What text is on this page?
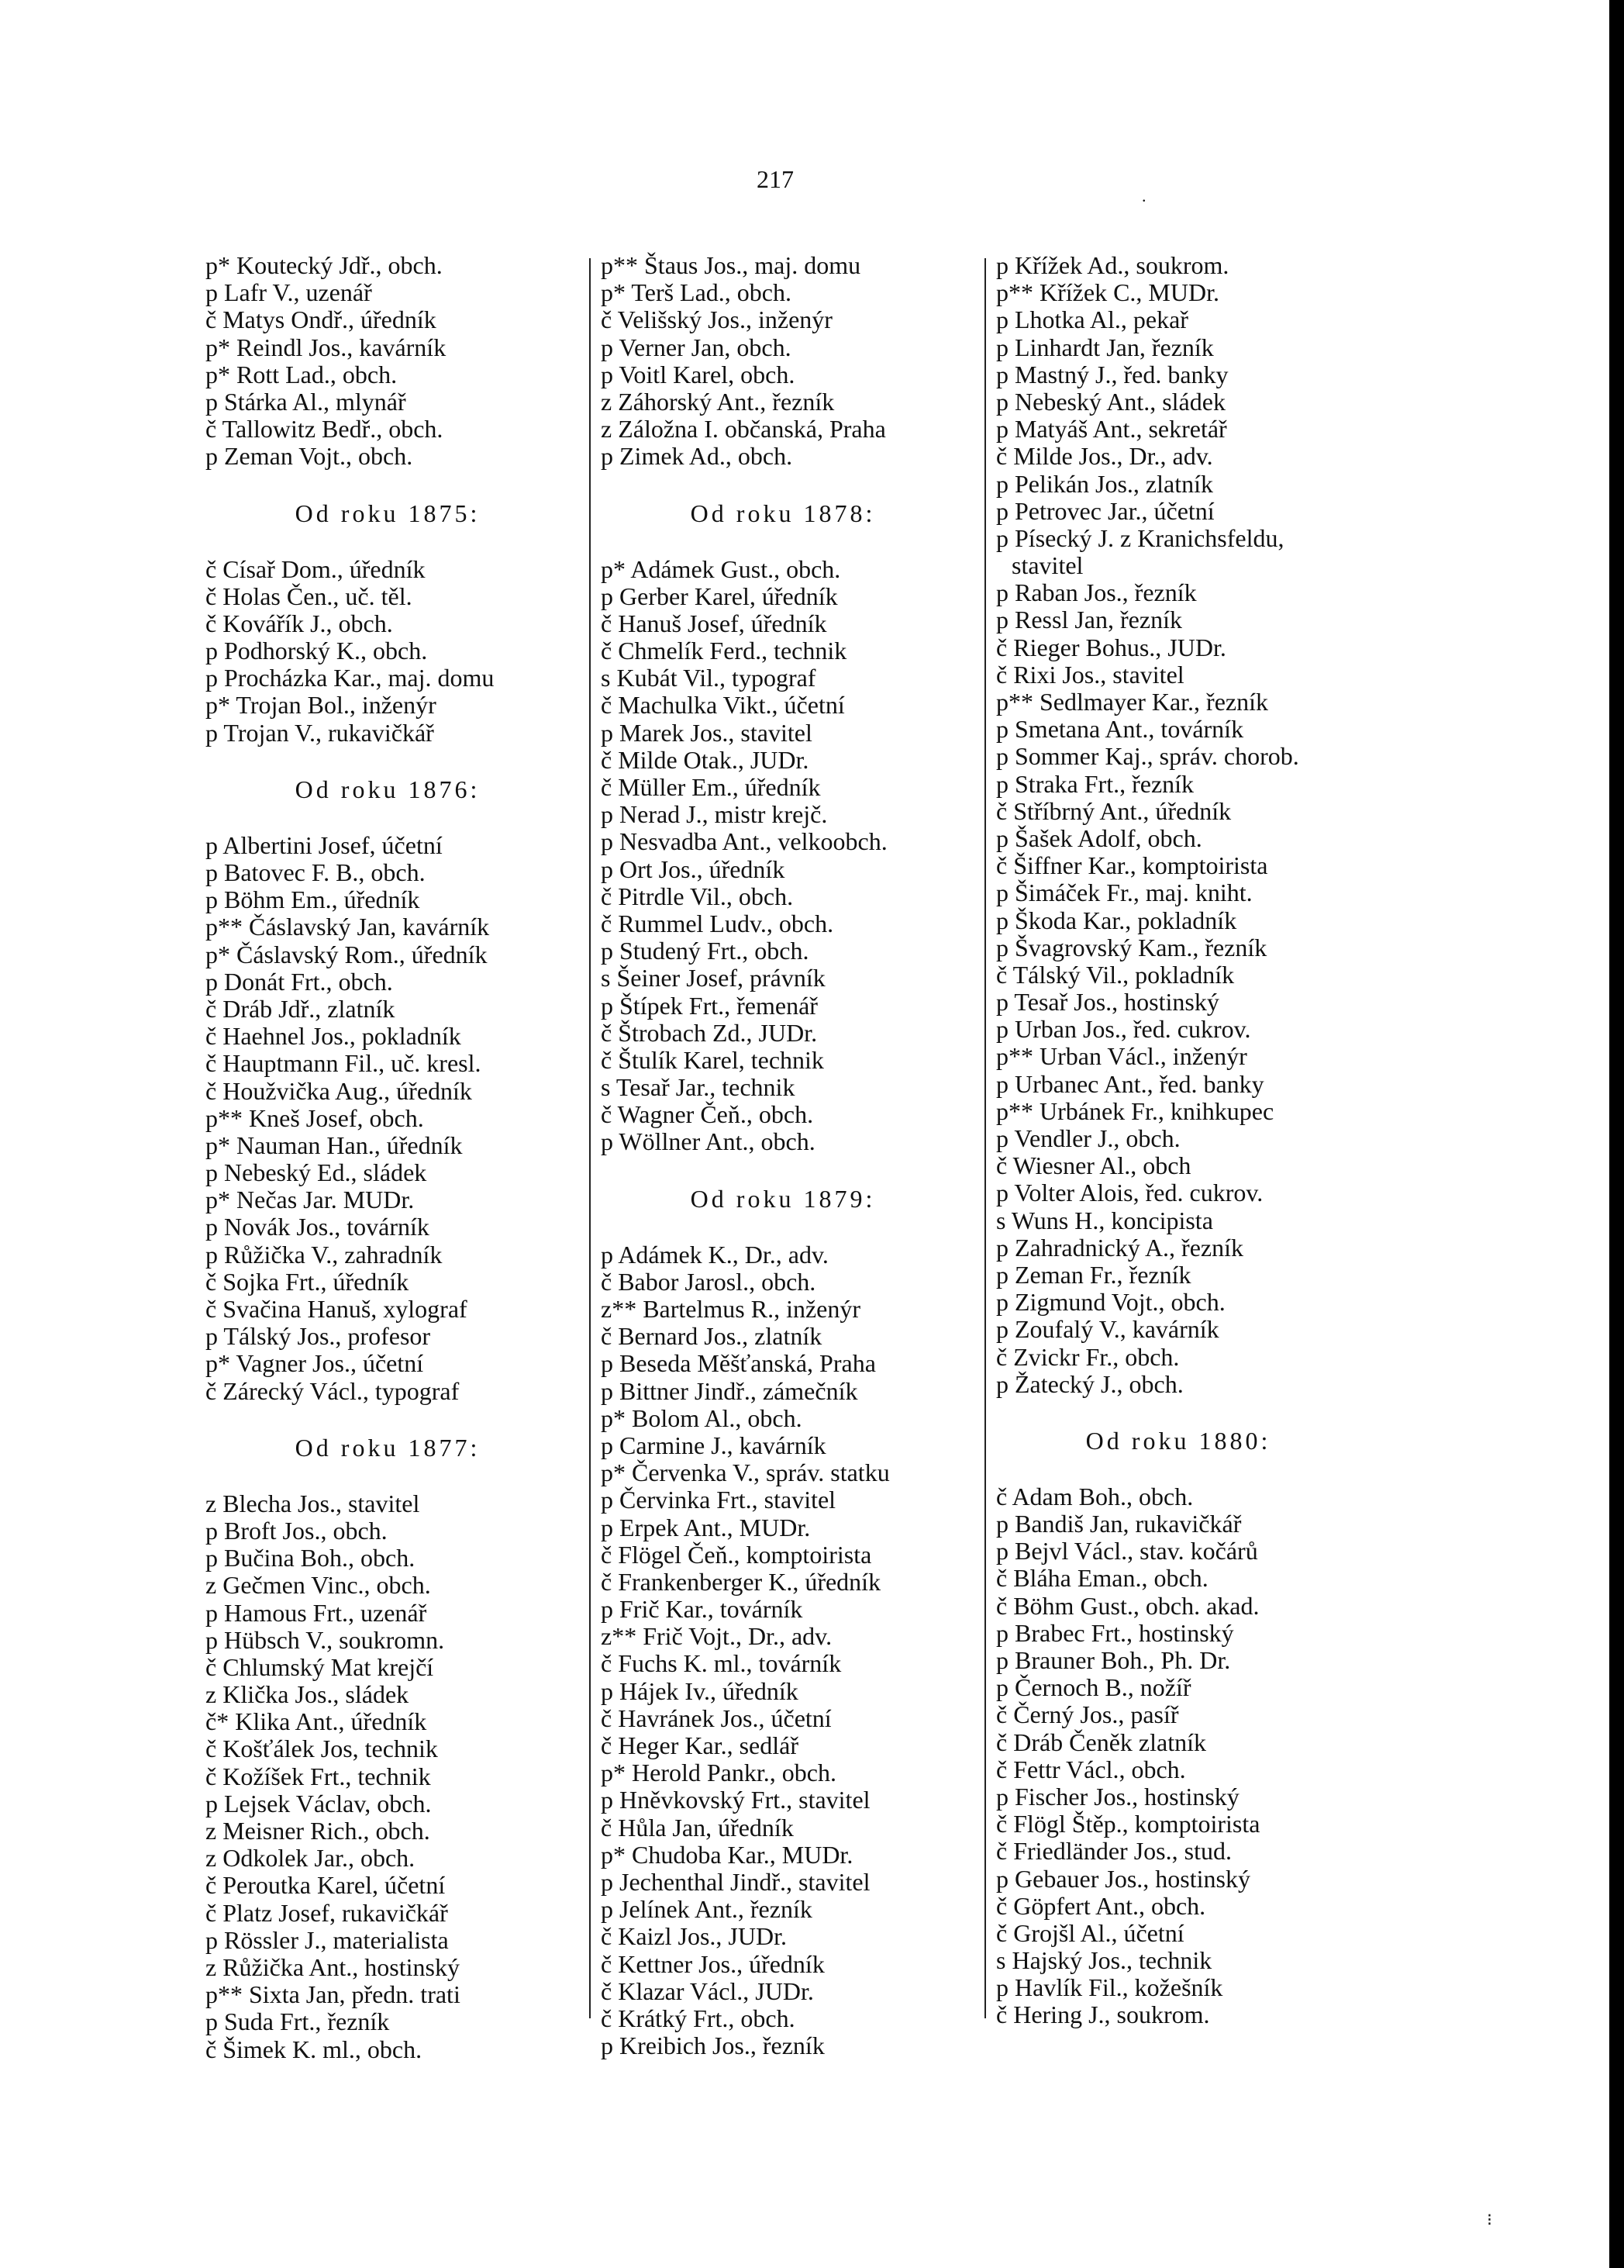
217
.
p* Koutecký Jdř., obch.
p Lafr V., uzenář
č Matys Ondř., úředník
p* Reindl Jos., kavárník
p* Rott Lad., obch.
p Stárka Al., mlynář
č Tallowitz Bedř., obch.
p Zeman Vojt., obch.
Od roku 1875:
č Císař Dom., úředník
č Holas Čen., uč. těl.
č Kovářík J., obch.
p Podhorský K., obch.
p Procházka Kar., maj. domu
p* Trojan Bol., inženýr
p Trojan V., rukavičkář
Od roku 1876:
p Albertini Josef, účetní
p Batovec F. B., obch.
p Böhm Em., úředník
p** Čáslavský Jan, kavárník
p* Čáslavský Rom., úředník
p Donát Frt., obch.
č Dráb Jdř., zlatník
č Haehnel Jos., pokladník
č Hauptmann Fil., uč. kresl.
č Houžvička Aug., úředník
p** Kneš Josef, obch.
p* Nauman Han., úředník
p Nebeský Ed., sládek
p* Nečas Jar. MUDr.
p Novák Jos., továrník
p Růžička V., zahradník
č Sojka Frt., úředník
č Svačina Hanuš, xylograf
p Tálský Jos., profesor
p* Vagner Jos., účetní
č Zárecký Václ., typograf
Od roku 1877:
z Blecha Jos., stavitel
p Broft Jos., obch.
p Bučina Boh., obch.
z Gečmen Vinc., obch.
p Hamous Frt., uzenář
p Hübsch V., soukromn.
č Chlumský Mat krejčí
z Klička Jos., sládek
č* Klika Ant., úředník
č Košťálek Jos, technik
č Kožíšek Frt., technik
p Lejsek Václav, obch.
z Meisner Rich., obch.
z Odkolek Jar., obch.
č Peroutka Karel, účetní
č Platz Josef, rukavičkář
p Rössler J., materialista
z Růžička Ant., hostinský
p** Sixta Jan, předn. trati
p Suda Frt., řezník
č Šimek K. ml., obch.
p** Štaus Jos., maj. domu
p* Terš Lad., obch.
č Velišský Jos., inženýr
p Verner Jan, obch.
p Voitl Karel, obch.
z Záhorský Ant., řezník
z Záložna I. občanská, Praha
p Zimek Ad., obch.
Od roku 1878:
p* Adámek Gust., obch.
p Gerber Karel, úředník
č Hanuš Josef, úředník
č Chmelík Ferd., technik
s Kubát Vil., typograf
č Machulka Vikt., účetní
p Marek Jos., stavitel
č Milde Otak., JUDr.
č Müller Em., úředník
p Nerad J., mistr krejč.
p Nesvadba Ant., velkoobch.
p Ort Jos., úředník
č Pitrdle Vil., obch.
č Rummel Ludv., obch.
p Studený Frt., obch.
s Šeiner Josef, právník
p Štípek Frt., řemenář
č Štrobach Zd., JUDr.
č Štulík Karel, technik
s Tesař Jar., technik
č Wagner Čeň., obch.
p Wöllner Ant., obch.
Od roku 1879:
p Adámek K., Dr., adv.
č Babor Jarosl., obch.
z** Bartelmus R., inženýr
č Bernard Jos., zlatník
p Beseda Měšťanská, Praha
p Bittner Jindř., zámečník
p* Bolom Al., obch.
p Carmine J., kavárník
p* Červenka V., správ. statku
p Červinka Frt., stavitel
p Erpek Ant., MUDr.
č Flögel Čeň., komptoirista
č Frankenberger K., úředník
p Frič Kar., továrník
z** Frič Vojt., Dr., adv.
č Fuchs K. ml., továrník
p Hájek Iv., úředník
č Havránek Jos., účetní
č Heger Kar., sedlář
p* Herold Pankr., obch.
p Hněvkovský Frt., stavitel
č Hůla Jan, úředník
p* Chudoba Kar., MUDr.
p Jechenthal Jindř., stavitel
p Jelínek Ant., řezník
č Kaizl Jos., JUDr.
č Kettner Jos., úředník
č Klazar Václ., JUDr.
č Krátký Frt., obch.
p Kreibich Jos., řezník
p Křížek Ad., soukrom.
p** Křížek C., MUDr.
p Lhotka Al., pekař
p Linhardt Jan, řezník
p Mastný J., řed. banky
p Nebeský Ant., sládek
p Matyáš Ant., sekretář
č Milde Jos., Dr., adv.
p Pelikán Jos., zlatník
p Petrovec Jar., účetní
p Písecký J. z Kranichsfeldu,
stavitel
p Raban Jos., řezník
p Ressl Jan, řezník
č Rieger Bohus., JUDr.
č Rixi Jos., stavitel
p** Sedlmayer Kar., řezník
p Smetana Ant., továrník
p Sommer Kaj., správ. chorob.
p Straka Frt., řezník
č Stříbrný Ant., úředník
p Šašek Adolf, obch.
č Šiffner Kar., komptoirista
p Šimáček Fr., maj. kniht.
p Škoda Kar., pokladník
p Švagrovský Kam., řezník
č Tálský Vil., pokladník
p Tesař Jos., hostinský
p Urban Jos., řed. cukrov.
p** Urban Václ., inženýr
p Urbanec Ant., řed. banky
p** Urbánek Fr., knihkupec
p Vendler J., obch.
č Wiesner Al., obch
p Volter Alois, řed. cukrov.
s Wuns H., koncipista
p Zahradnický A., řezník
p Zeman Fr., řezník
p Zigmund Vojt., obch.
p Zoufalý V., kavárník
č Zvickr Fr., obch.
p Žatecký J., obch.
Od roku 1880:
č Adam Boh., obch.
p Bandiš Jan, rukavičkář
p Bejvl Václ., stav. kočárů
č Bláha Eman., obch.
č Böhm Gust., obch. akad.
p Brabec Frt., hostinský
p Brauner Boh., Ph. Dr.
p Černoch B., nožíř
č Černý Jos., pasíř
č Dráb Čeněk zlatník
č Fettr Václ., obch.
p Fischer Jos., hostinský
č Flögl Štěp., komptoirista
č Friedländer Jos., stud.
p Gebauer Jos., hostinský
č Göpfert Ant., obch.
č Grojšl Al., účetní
s Hajský Jos., technik
p Havlík Fil., kožešník
č Hering J., soukrom.
⁝
